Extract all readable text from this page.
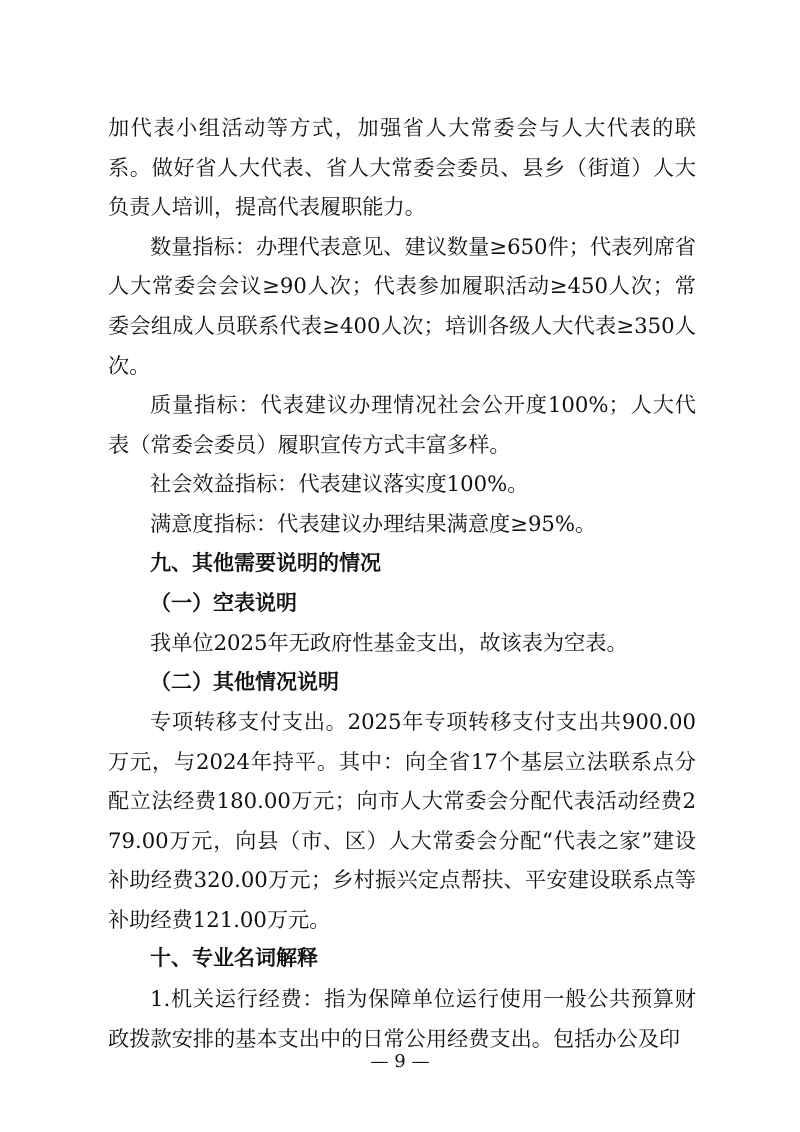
加代表小组活动等方式，加强省人大常委会与人大代表的联系。做好省人大代表、省人大常委会委员、县乡（街道）人大负责人培训，提高代表履职能力。

数量指标：办理代表意见、建议数量≥650件；代表列席省人大常委会会议≥90人次；代表参加履职活动≥450人次；常委会组成人员联系代表≥400人次；培训各级人大代表≥350人次。

质量指标：代表建议办理情况社会公开度100%；人大代表（常委会委员）履职宣传方式丰富多样。

社会效益指标：代表建议落实度100%。

满意度指标：代表建议办理结果满意度≥95%。

九、其他需要说明的情况
（一）空表说明

我单位2025年无政府性基金支出，故该表为空表。

（二）其他情况说明

专项转移支付支出。2025年专项转移支付支出共900.00万元，与2024年持平。其中：向全省17个基层立法联系点分配立法经费180.00万元；向市人大常委会分配代表活动经费279.00万元，向县（市、区）人大常委会分配“代表之家”建设补助经费320.00万元；乡村振兴定点帮扶、平安建设联系点等补助经费121.00万元。

十、专业名词解释

1.机关运行经费：指为保障单位运行使用一般公共预算财政拨款安排的基本支出中的日常公用经费支出。包括办公及印

— 9 —
